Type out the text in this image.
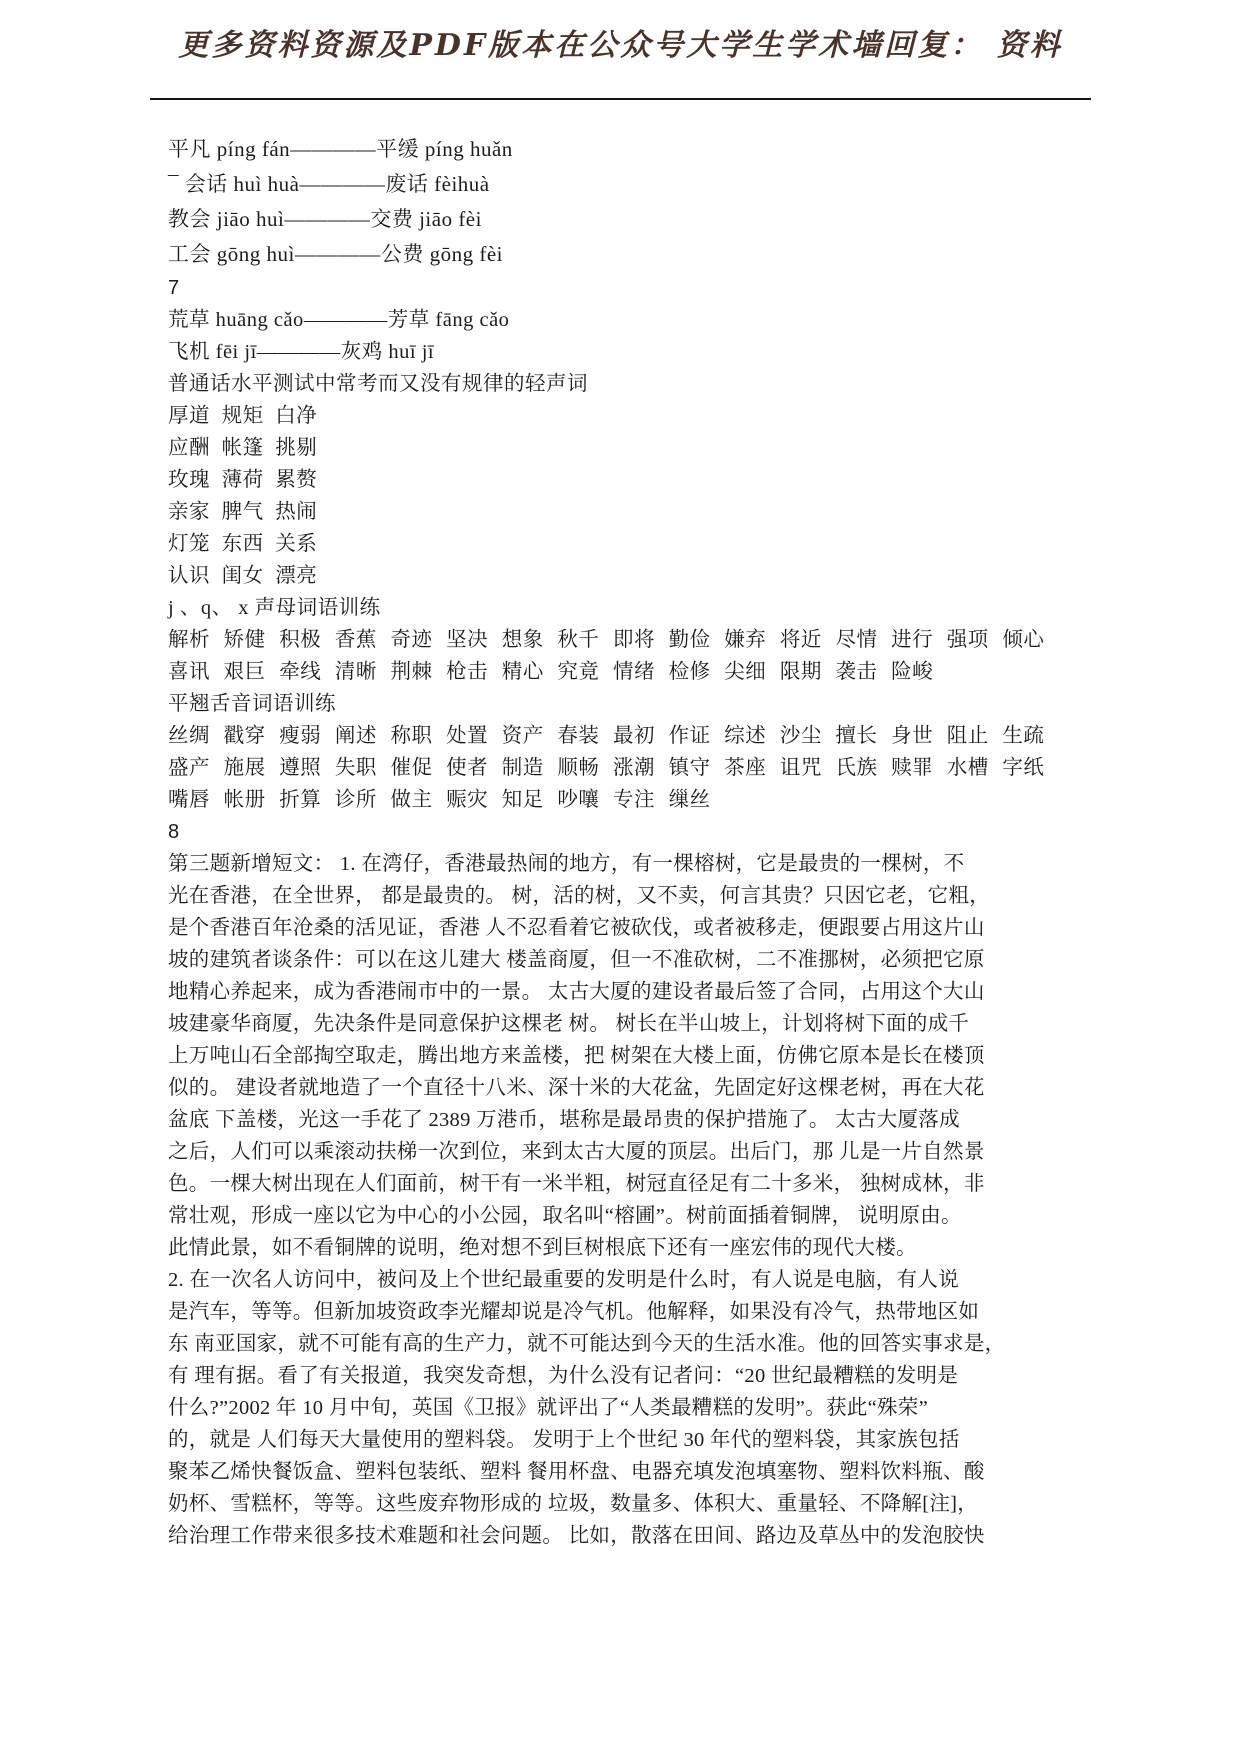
更多资料资源及PDF版本在公众号大学生学术墙回复： 资料
平凡 píng fán————平缓 píng huǎn
¯ 会话 huì huà————废话 fèihuà
教会 jiāo huì————交费 jiāo fèi
工会 gōng huì————公费 gōng fèi
7
荒草 huāng cǎo————芳草 fāng cǎo
飞机 fēi jī————灰鸡 huī jī
普通话水平测试中常考而又没有规律的轻声词
厚道 规矩 白净
应酬 帐篷 挑剔
玫瑰 薄荷 累赘
亲家 脾气 热闹
灯笼 东西 关系
认识 闺女 漂亮
j 、q、 x 声母词语训练
解析 矫健 积极 香蕉 奇迹 坚决 想象 秋千 即将 勤俭 嫌弃 将近 尽情 进行 强项 倾心
喜讯 艰巨 牵线 清晰 荆棘 枪击 精心 究竟 情绪 检修 尖细 限期 袭击 险峻
平翘舌音词语训练
丝绸 戳穿 瘦弱 阐述 称职 处置 资产 春装 最初 作证 综述 沙尘 擅长 身世 阻止 生疏
盛产 施展 遵照 失职 催促 使者 制造 顺畅 涨潮 镇守 茶座 诅咒 氏族 赎罪 水槽 字纸
嘴唇 帐册 折算 诊所 做主 赈灾 知足 吵嚷 专注 缫丝
8
第三题新增短文： 1. 在湾仔，香港最热闹的地方，有一棵榕树，它是最贵的一棵树，不
光在香港，在全世界， 都是最贵的。 树，活的树，又不卖，何言其贵？只因它老，它粗，
是个香港百年沧桑的活见证，香港 人不忍看着它被砍伐，或者被移走，便跟要占用这片山
坡的建筑者谈条件：可以在这儿建大 楼盖商厦，但一不准砍树，二不准挪树，必须把它原
地精心养起来，成为香港闹市中的一景。 太古大厦的建设者最后签了合同，占用这个大山
坡建豪华商厦，先决条件是同意保护这棵老 树。 树长在半山坡上，计划将树下面的成千
上万吨山石全部掏空取走，腾出地方来盖楼，把 树架在大楼上面，仿佛它原本是长在楼顶
似的。 建设者就地造了一个直径十八米、深十米的大花盆，先固定好这棵老树，再在大花
盆底 下盖楼，光这一手花了 2389 万港币，堪称是最昂贵的保护措施了。 太古大厦落成
之后，人们可以乘滚动扶梯一次到位，来到太古大厦的顶层。出后门，那 儿是一片自然景
色。一棵大树出现在人们面前，树干有一米半粗，树冠直径足有二十多米， 独树成林，非
常壮观，形成一座以它为中心的小公园，取名叫“榕圃”。树前面插着铜牌， 说明原由。
此情此景，如不看铜牌的说明，绝对想不到巨树根底下还有一座宏伟的现代大楼。
2. 在一次名人访问中，被问及上个世纪最重要的发明是什么时，有人说是电脑，有人说
是汽车，等等。但新加坡资政李光耀却说是冷气机。他解释，如果没有冷气，热带地区如
东 南亚国家，就不可能有高的生产力，就不可能达到今天的生活水准。他的回答实事求是，
有 理有据。看了有关报道，我突发奇想，为什么没有记者问：“20 世纪最糟糕的发明是
什么?”2002 年 10 月中旬，英国《卫报》就评出了“人类最糟糕的发明”。获此“殊荣”
的，就是 人们每天大量使用的塑料袋。 发明于上个世纪 30 年代的塑料袋，其家族包括
聚苯乙烯快餐饭盒、塑料包装纸、塑料 餐用杯盘、电器充填发泡填塞物、塑料饮料瓶、酸
奶杯、雪糕杯，等等。这些废弃物形成的 垃圾，数量多、体积大、重量轻、不降解[注]，
给治理工作带来很多技术难题和社会问题。 比如，散落在田间、路边及草丛中的发泡胶快
